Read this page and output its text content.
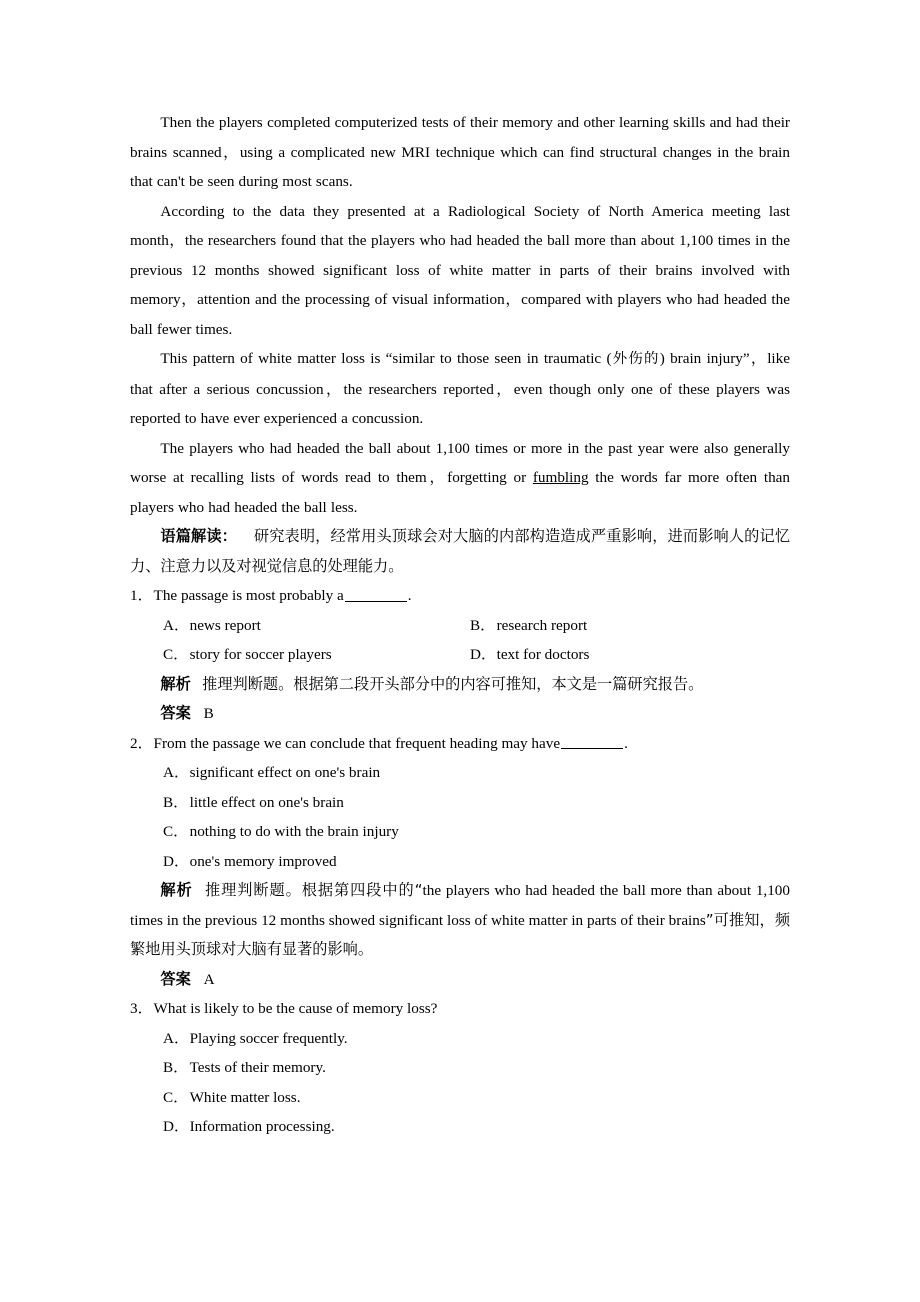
Then the players completed computerized tests of their memory and other learning skills and had their brains scanned，using a complicated new MRI technique which can find structural changes in the brain that can't be seen during most scans.

According to the data they presented at a Radiological Society of North America meeting last month，the researchers found that the players who had headed the ball more than about 1,100 times in the previous 12 months showed significant loss of white matter in parts of their brains involved with memory，attention and the processing of visual information，compared with players who had headed the ball fewer times.

This pattern of white matter loss is “similar to those seen in traumatic (外伤的) brain injury”，like that after a serious concussion，the researchers reported，even though only one of these players was reported to have ever experienced a concussion.

The players who had headed the ball about 1,100 times or more in the past year were also generally worse at recalling lists of words read to them，forgetting or fumbling the words far more often than players who had headed the ball less.

语篇解读： 研究表明，经常用头顶球会对大脑的内部构造造成严重影响，进而影响人的记忆力、注意力以及对视觉信息的处理能力。

1．The passage is most probably a	.

A．news report	B．research report
C．story for soccer players	D．text for doctors

解析 推理判断题。根据第二段开头部分中的内容可推知，本文是一篇研究报告。

答案 B

2．From the passage we can conclude that frequent heading may have	.

A．significant effect on one's brain
B．little effect on one's brain
C．nothing to do with the brain injury
D．one's memory improved

解析 推理判断题。根据第四段中的“the players who had headed the ball more than about 1,100 times in the previous 12 months showed significant loss of white matter in parts of their brains”可推知，频繁地用头顶球对大脑有显著的影响。

答案 A

3．What is likely to be the cause of memory loss?

A．Playing soccer frequently.
B．Tests of their memory.
C．White matter loss.
D．Information processing.
